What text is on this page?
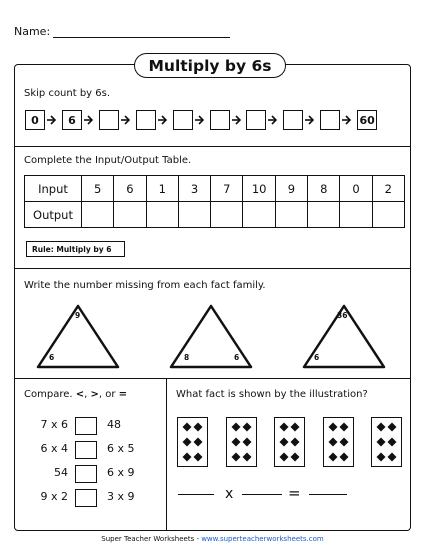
Name:
Multiply by 6s
Skip count by 6s.
0	6	60
Complete the Input/Output Table.
Input	5	6	1	3	7	10	9	8	0	2
Output										
Rule: Multiply by 6
Write the number missing from each fact family.
9
6	8	6
36
6
Compare. <, >, or =
7 x 6	48
6 x 4	6 x 5
54	6 x 9
9 x 2	3 x 9
What fact is shown by the illustration?
x	=
Super Teacher Worksheets - www.superteacherworksheets.com
